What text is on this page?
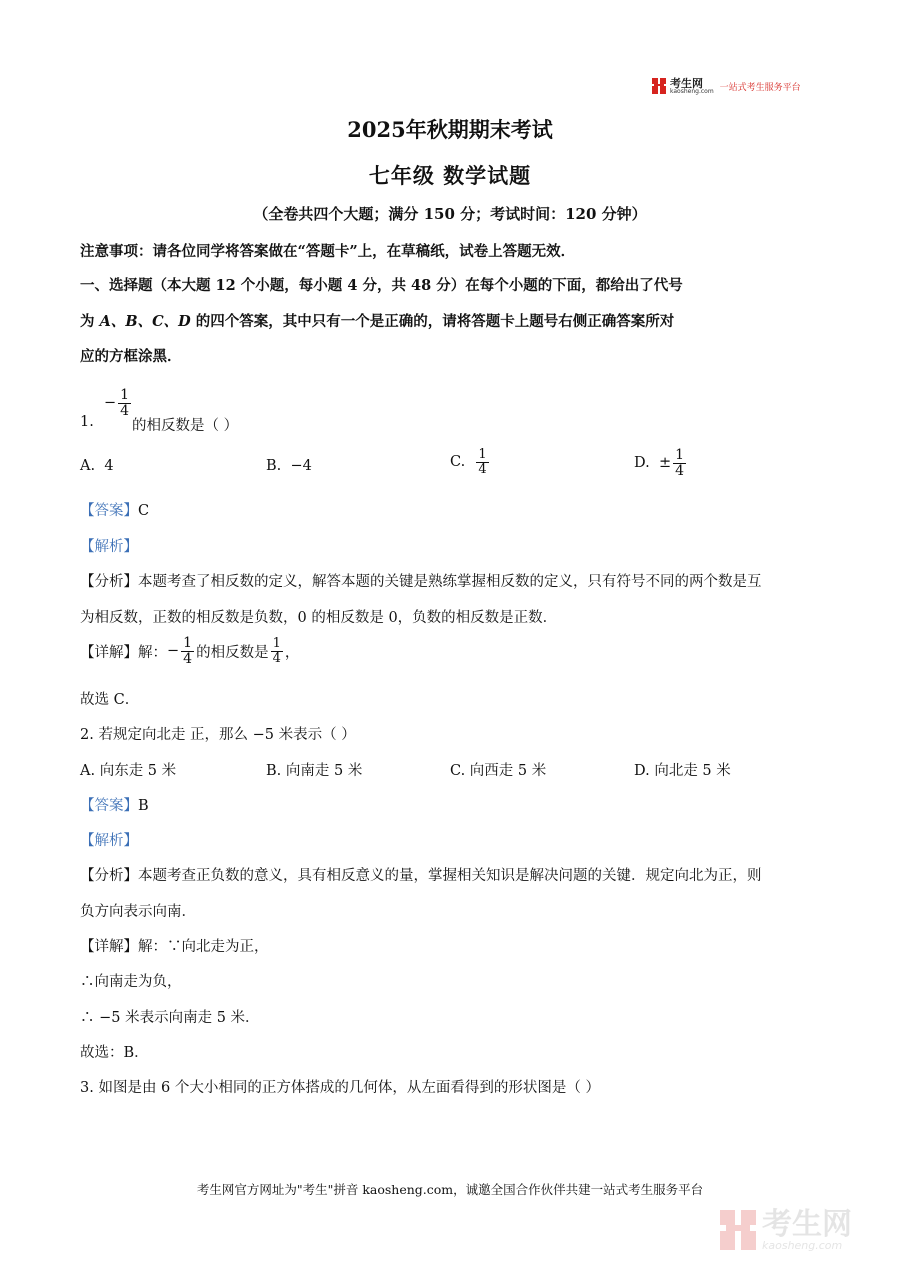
考生网
kaosheng.com 一站式考生服务平台
2025年秋期期末考试
七年级 数学试题
（全卷共四个大题；满分 150 分；考试时间：120 分钟）
注意事项：请各位同学将答案做在“答题卡”上，在草稿纸，试卷上答题无效．
一、选择题（本大题 12 个小题，每小题 4 分，共 48 分）在每个小题的下面，都给出了代号
为 A、B、C、D 的四个答案，其中只有一个是正确的，请将答题卡上题号右侧正确答案所对
应的方框涂黑．
1.
− $\frac{1}{4}$
的相反数是（ ）
A. 4	B. −4	C.
$\frac{1}{4}$	D.
± $\frac{1}{4}$
【答案】C
【解析】
【分析】本题考查了相反数的定义，解答本题的关键是熟练掌握相反数的定义，只有符号不同的两个数是互
为相反数，正数的相反数是负数，0 的相反数是 0，负数的相反数是正数．
【详解】 解： − $\frac{1}{4}$ 的相反数是 $\frac{1}{4}$ ，
故选 C．
2. 若规定向北走 正，那么 −5 米表示（ ）
A. 向东走 5 米	B. 向南走 5 米	C. 向西走 5 米	D. 向北走 5 米
【答案】B
【解析】
【分析】本题考查正负数的意义，具有相反意义的量，掌握相关知识是解决问题的关键．规定向北为正，则
负方向表示向南．
【详解】解：∵向北走为正，
∴向南走为负，
∴ −5 米表示向南走 5 米．
故选：B．
3. 如图是由 6 个大小相同的正方体搭成的几何体，从左面看得到的形状图是（ ）
考生网官方网址为"考生"拼音 kaosheng.com，诚邀全国合作伙伴共建一站式考生服务平台
考生网
kaosheng.com
